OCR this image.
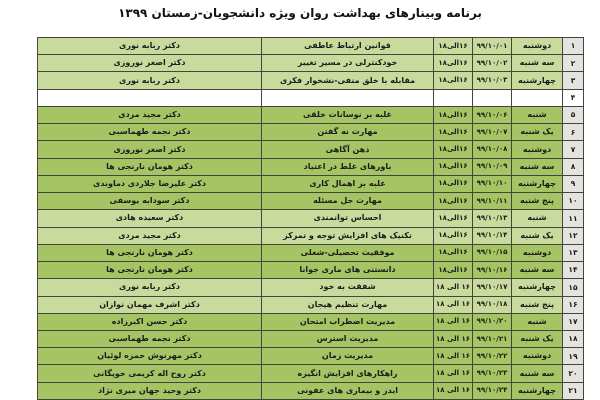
برنامه وبینارهای بهداشت روان ویژه دانشجویان-زمستان ۱۳۹۹
۱
دوشنبه
۹۹/۱۰/۰۱
۱۶الی۱۸
قوانین ارتباط عاطفی
دکتر ربابه نوری
۲
سه شنبه
۹۹/۱۰/۰۲
۱۶الی۱۸
خودکنترلی در مسیر تغییر
دکتر اصغر نوروزی
۳
چهارشنبه
۹۹/۱۰/۰۳
۱۶الی۱۸
مقابله با خلق منفی-نشخوار فکری
دکتر ربابه نوری
۴
۵
شنبه
۹۹/۱۰/۰۶
۱۶الی۱۸
غلبه بر نوسانات خلقی
دکتر مجید مردی
۶
یک شنبه
۹۹/۱۰/۰۷
۱۶الی۱۸
مهارت نه گفتن
دکتر نجمه طهماسبی
۷
دوشنبه
۹۹/۱۰/۰۸
۱۶الی۱۸
ذهن آگاهی
دکتر اصغر نوروزی
۸
سه شنبه
۹۹/۱۰/۰۹
۱۶الی۱۸
باورهای غلط در اعتیاد
دکتر هومان نارنجی ها
۹
چهارشنبه
۹۹/۱۰/۱۰
۱۶الی۱۸
غلبه بر اهمال کاری
دکتر علیرضا جلاردی دماوندی
۱۰
پنج شنبه
۹۹/۱۰/۱۱
۱۶الی۱۸
مهارت حل مسئله
دکتر سودابه یوسفی
۱۱
شنبه
۹۹/۱۰/۱۳
۱۶الی۱۸
احساس توانمندی
دکتر سعیده هادی
۱۲
یک شنبه
۹۹/۱۰/۱۴
۱۶الی۱۸
تکنیک های افزایش توجه و تمرکز
دکتر مجید مردی
۱۳
دوشنبه
۹۹/۱۰/۱۵
۱۶الی۱۸
موفقیت تحصیلی-شغلی
دکتر هومان نارنجی ها
۱۴
سه شنبه
۹۹/۱۰/۱۶
۱۶الی۱۸
دانستنی های ماری جوانا
دکتر هومان نارنجی ها
۱۵
چهارشنبه
۹۹/۱۰/۱۷
۱۶ الی ۱۸
شفقت به خود
دکتر ربابه نوری
۱۶
پنج شنبه
۹۹/۱۰/۱۸
۱۶ الی ۱۸
مهارت تنظیم هیجان
دکتر اشرف مهمان نوازان
۱۷
شنبه
۹۹/۱۰/۲۰
۱۶ الی ۱۸
مدیریت اضطراب امتحان
دکتر حسن اکبرزاده
۱۸
یک شنبه
۹۹/۱۰/۲۱
۱۶ الی ۱۸
مدیریت استرس
دکتر نجمه طهماسبی
۱۹
دوشنبه
۹۹/۱۰/۲۲
۱۶ الی ۱۸
مدیریت زمان
دکتر مهرنوش حمزه لوئیان
۲۰
سه شنبه
۹۹/۱۰/۲۳
۱۶ الی ۱۸
راهکارهای افزایش انگیزه
دکتر روح اله کریمی خویگانی
۲۱
چهارشنبه
۹۹/۱۰/۲۴
۱۶ الی ۱۸
ایدز و بیماری های عفونی
دکتر وحید جهان میری نژاد
